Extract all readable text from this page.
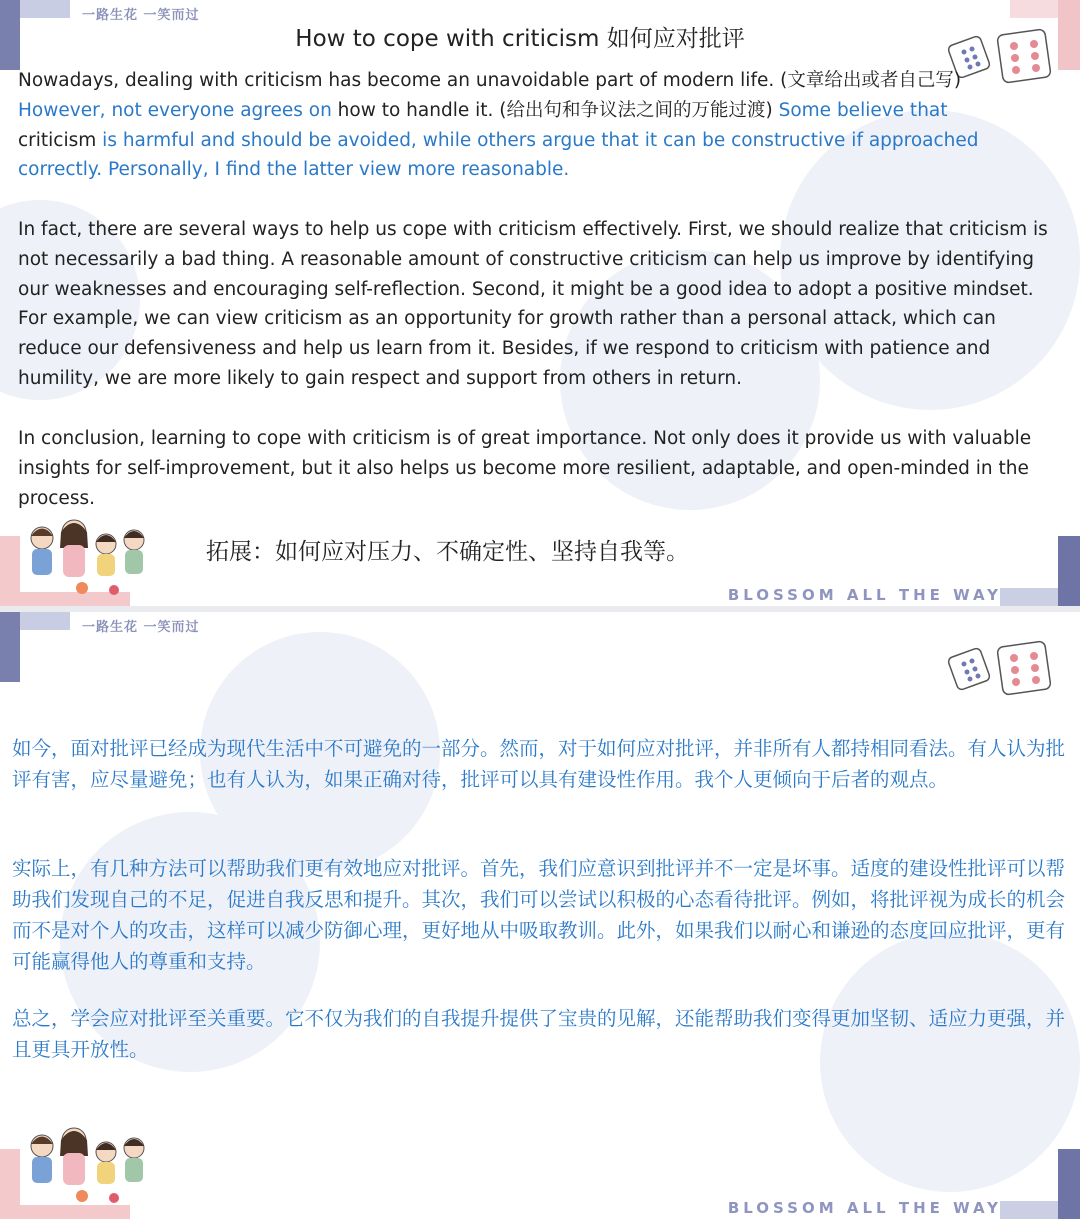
一路生花 一笑而过
How to cope with criticism 如何应对批评

Nowadays, dealing with criticism has become an unavoidable part of modern life. (文章给出或者自己写)
However, not everyone agrees on how to handle it. (给出句和争议法之间的万能过渡) Some believe that
criticism is harmful and should be avoided, while others argue that it can be constructive if approached correctly. Personally, I find the latter view more reasonable.

In fact, there are several ways to help us cope with criticism effectively. First, we should realize that criticism is not necessarily a bad thing. A reasonable amount of constructive criticism can help us improve by identifying our weaknesses and encouraging self-reflection. Second, it might be a good idea to adopt a positive mindset. For example, we can view criticism as an opportunity for growth rather than a personal attack, which can reduce our defensiveness and help us learn from it. Besides, if we respond to criticism with patience and humility, we are more likely to gain respect and support from others in return.

In conclusion, learning to cope with criticism is of great importance. Not only does it provide us with valuable insights for self-improvement, but it also helps us become more resilient, adaptable, and open-minded in the process.

拓展：如何应对压力、不确定性、坚持自我等。

BLOSSOM ALL THE WAY
一路生花 一笑而过

如今，面对批评已经成为现代生活中不可避免的一部分。然而，对于如何应对批评，并非所有人都持相同看法。有人认为批评有害，应尽量避免；也有人认为，如果正确对待，批评可以具有建设性作用。我个人更倾向于后者的观点。

实际上，有几种方法可以帮助我们更有效地应对批评。首先，我们应意识到批评并不一定是坏事。适度的建设性批评可以帮助我们发现自己的不足，促进自我反思和提升。其次，我们可以尝试以积极的心态看待批评。例如，将批评视为成长的机会而不是对个人的攻击，这样可以减少防御心理，更好地从中吸取教训。此外，如果我们以耐心和谦逊的态度回应批评，更有可能赢得他人的尊重和支持。

总之，学会应对批评至关重要。它不仅为我们的自我提升提供了宝贵的见解，还能帮助我们变得更加坚韧、适应力更强，并且更具开放性。

BLOSSOM ALL THE WAY
